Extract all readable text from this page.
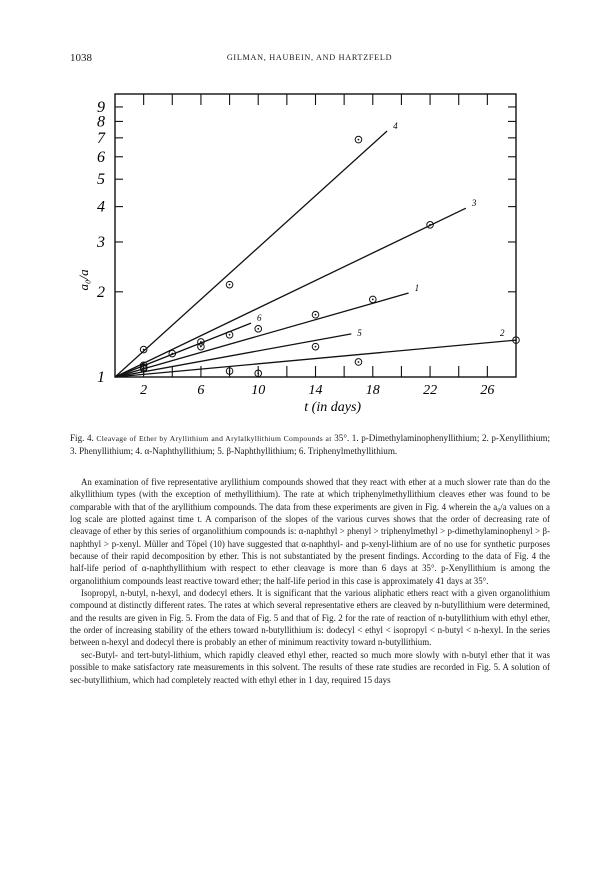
1038	GILMAN, HAUBEIN, AND HARTZFELD
1
2
3
4
5
6
7
8
9
2	6	10	14	18	22	26
1
2
3
4
5
6
t (in days)
a₀/a
Fig. 4. Cleavage of Ether by Aryllithium and Arylalkyllithium Compounds at 35°. 1. p-Dimethylaminophenyllithium; 2. p-Xenyllithium; 3. Phenyllithium; 4. α-Naphthyllithium; 5. β-Naphthyllithium; 6. Triphenylmethyllithium.

An examination of five representative aryllithium compounds showed that they react with ether at a much slower rate than do the alkyllithium types (with the exception of methyllithium). The rate at which triphenylmethyllithium cleaves ether was found to be comparable with that of the aryllithium compounds. The data from these experiments are given in Fig. 4 wherein the a₀/a values on a log scale are plotted against time t. A comparison of the slopes of the various curves shows that the order of decreasing rate of cleavage of ether by this series of organolithium compounds is: α-naphthyl > phenyl > triphenylmethyl > p-dimethylaminophenyl > β-naphthyl > p-xenyl. Müller and Töpel (10) have suggested that α-naphthyl- and p-xenyl-lithium are of no use for synthetic purposes because of their rapid decomposition by ether. This is not substantiated by the present findings. According to the data of Fig. 4 the half-life period of α-naphthyllithium with respect to ether cleavage is more than 6 days at 35°. p-Xenyllithium is among the organolithium compounds least reactive toward ether; the half-life period in this case is approximately 41 days at 35°.

Isopropyl, n-butyl, n-hexyl, and dodecyl ethers. It is significant that the various aliphatic ethers react with a given organolithium compound at distinctly different rates. The rates at which several representative ethers are cleaved by n-butyllithium were determined, and the results are given in Fig. 5. From the data of Fig. 5 and that of Fig. 2 for the rate of reaction of n-butyllithium with ethyl ether, the order of increasing stability of the ethers toward n-butyllithium is: dodecyl < ethyl < isopropyl < n-butyl < n-hexyl. In the series between n-hexyl and dodecyl there is probably an ether of minimum reactivity toward n-butyllithium.

sec-Butyl- and tert-butyl-lithium, which rapidly cleaved ethyl ether, reacted so much more slowly with n-butyl ether that it was possible to make satisfactory rate measurements in this solvent. The results of these rate studies are recorded in Fig. 5. A solution of sec-butyllithium, which had completely reacted with ethyl ether in 1 day, required 15 days
